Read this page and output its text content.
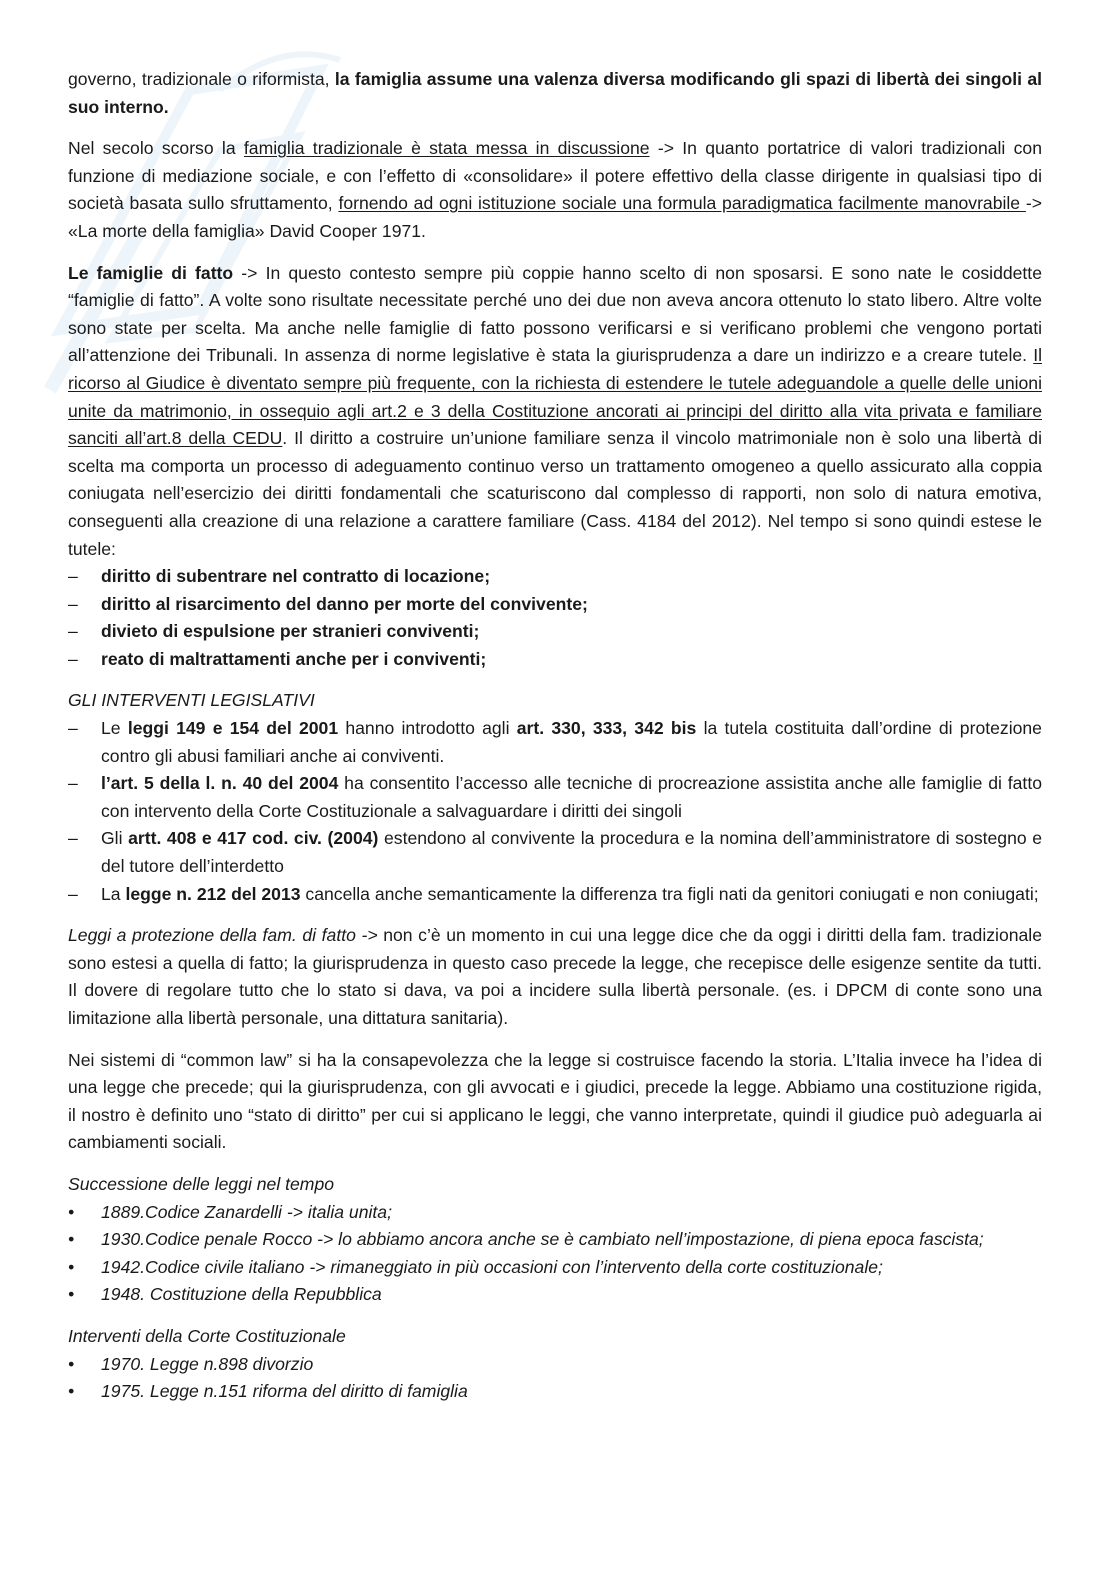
governo, tradizionale o riformista, la famiglia assume una valenza diversa modificando gli spazi di libertà dei singoli al suo interno.

Nel secolo scorso la famiglia tradizionale è stata messa in discussione -> In quanto portatrice di valori tradizionali con funzione di mediazione sociale, e con l’effetto di «consolidare» il potere effettivo della classe dirigente in qualsiasi tipo di società basata sullo sfruttamento, fornendo ad ogni istituzione sociale una formula paradigmatica facilmente manovrabile -> «La morte della famiglia» David Cooper 1971.

Le famiglie di fatto -> In questo contesto sempre più coppie hanno scelto di non sposarsi. E sono nate le cosiddette “famiglie di fatto”. A volte sono risultate necessitate perché uno dei due non aveva ancora ottenuto lo stato libero. Altre volte sono state per scelta. Ma anche nelle famiglie di fatto possono verificarsi e si verificano problemi che vengono portati all’attenzione dei Tribunali. In assenza di norme legislative è stata la giurisprudenza a dare un indirizzo e a creare tutele. Il ricorso al Giudice è diventato sempre più frequente, con la richiesta di estendere le tutele adeguandole a quelle delle unioni unite da matrimonio, in ossequio agli art.2 e 3 della Costituzione ancorati ai principi del diritto alla vita privata e familiare sanciti all’art.8 della CEDU. Il diritto a costruire un’unione familiare senza il vincolo matrimoniale non è solo una libertà di scelta ma comporta un processo di adeguamento continuo verso un trattamento omogeneo a quello assicurato alla coppia coniugata nell’esercizio dei diritti fondamentali che scaturiscono dal complesso di rapporti, non solo di natura emotiva, conseguenti alla creazione di una relazione a carattere familiare (Cass. 4184 del 2012). Nel tempo si sono quindi estese le tutele:

–	diritto di subentrare nel contratto di locazione;
–	diritto al risarcimento del danno per morte del convivente;
–	divieto di espulsione per stranieri conviventi;
–	reato di maltrattamenti anche per i conviventi;
GLI INTERVENTI LEGISLATIVI
–	Le leggi 149 e 154 del 2001 hanno introdotto agli art. 330, 333, 342 bis la tutela costituita dall’ordine di protezione contro gli abusi familiari anche ai conviventi.
–	l’art. 5 della l. n. 40 del 2004 ha consentito l’accesso alle tecniche di procreazione assistita anche alle famiglie di fatto con intervento della Corte Costituzionale a salvaguardare i diritti dei singoli
–	Gli artt. 408 e 417 cod. civ. (2004) estendono al convivente la procedura e la nomina dell’amministratore di sostegno e del tutore dell’interdetto
–	La legge n. 212 del 2013 cancella anche semanticamente la differenza tra figli nati da genitori coniugati e non coniugati;

Leggi a protezione della fam. di fatto -> non c’è un momento in cui una legge dice che da oggi i diritti della fam. tradizionale sono estesi a quella di fatto; la giurisprudenza in questo caso precede la legge, che recepisce delle esigenze sentite da tutti. Il dovere di regolare tutto che lo stato si dava, va poi a incidere sulla libertà personale. (es. i DPCM di conte sono una limitazione alla libertà personale, una dittatura sanitaria).

Nei sistemi di “common law” si ha la consapevolezza che la legge si costruisce facendo la storia. L’Italia invece ha l’idea di una legge che precede; qui la giurisprudenza, con gli avvocati e i giudici, precede la legge. Abbiamo una costituzione rigida, il nostro è definito uno “stato di diritto” per cui si applicano le leggi, che vanno interpretate, quindi il giudice può adeguarla ai cambiamenti sociali.

Successione delle leggi nel tempo
•	1889.Codice Zanardelli -> italia unita;
•	1930.Codice penale Rocco -> lo abbiamo ancora anche se è cambiato nell’impostazione, di piena epoca fascista;
•	1942.Codice civile italiano -> rimaneggiato in più occasioni con l’intervento della corte costituzionale;
•	1948. Costituzione della Repubblica
Interventi della Corte Costituzionale
•	1970. Legge n.898 divorzio
•	1975. Legge n.151 riforma del diritto di famiglia
